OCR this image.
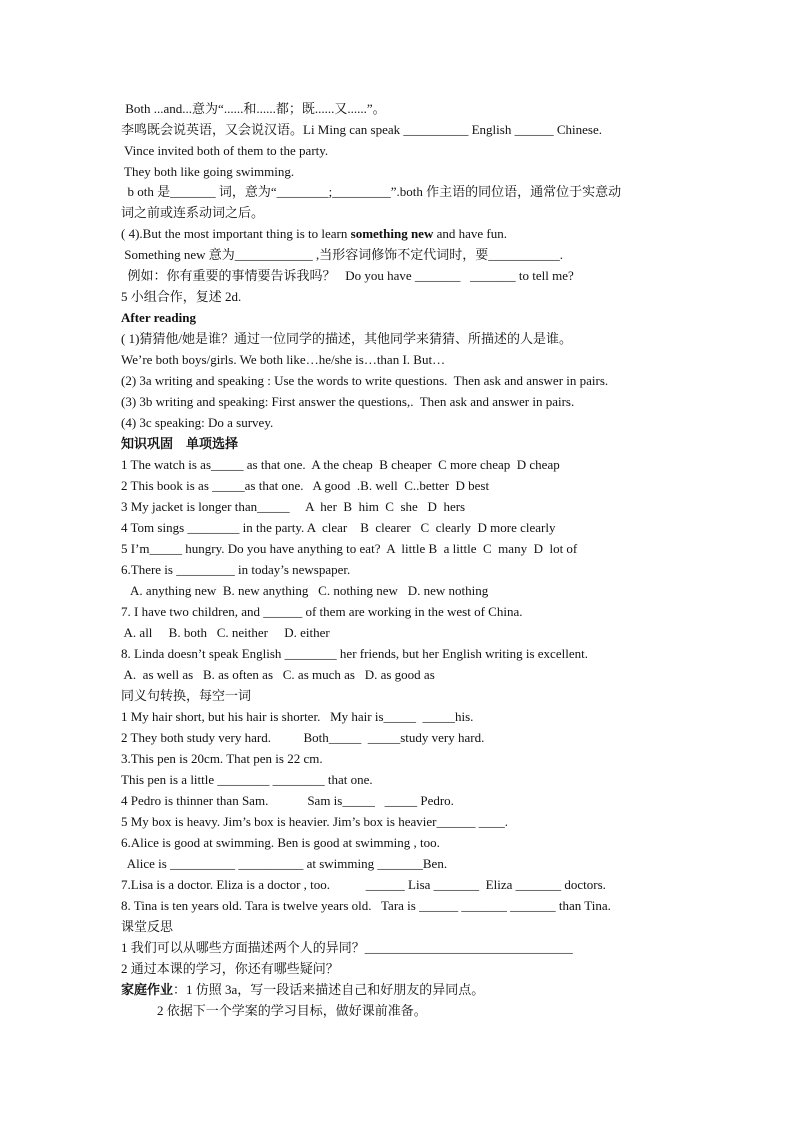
Both ...and...意为“......和......都；既......又......”。
李鸣既会说英语，又会说汉语。Li Ming can speak __________ English ______ Chinese.
Vince invited both of them to the party.
They both like going swimming.
b oth 是_______ 词，意为“________;_________”.both 作主语的同位语，通常位于实意动
词之前或连系动词之后。
( 4).But the most important thing is to learn something new and have fun.
Something new 意为____________ ,当形容词修饰不定代词时，要___________.
例如：你有重要的事情要告诉我吗？   Do you have _______   _______ to tell me?
5 小组合作，复述 2d.
After reading
( 1)猜猜他/她是谁？通过一位同学的描述，其他同学来猜猜、所描述的人是谁。
We’re both boys/girls. We both like…he/she is…than I. But…
(2) 3a writing and speaking : Use the words to write questions.  Then ask and answer in pairs.
(3) 3b writing and speaking: First answer the questions,.  Then ask and answer in pairs.
(4) 3c speaking: Do a survey.
知识巩固    单项选择
1 The watch is as_____ as that one.  A the cheap  B cheaper  C more cheap  D cheap
2 This book is as _____as that one.   A good  .B. well  C..better  D best
3 My jacket is longer than_____     A  her  B  him  C  she   D  hers
4 Tom sings ________ in the party. A  clear    B  clearer   C  clearly  D more clearly
5 I’m_____ hungry. Do you have anything to eat?  A  little B  a little  C  many  D  lot of
6.There is _________ in today’s newspaper.
A. anything new  B. new anything   C. nothing new   D. new nothing
7. I have two children, and ______ of them are working in the west of China.
A. all     B. both   C. neither     D. either
8. Linda doesn’t speak English ________ her friends, but her English writing is excellent.
A.  as well as   B. as often as   C. as much as   D. as good as
同义句转换，每空一词
1 My hair short, but his hair is shorter.   My hair is_____  _____his.
2 They both study very hard.          Both_____  _____study very hard.
3.This pen is 20cm. That pen is 22 cm.
This pen is a little ________ ________ that one.
4 Pedro is thinner than Sam.            Sam is_____   _____ Pedro.
5 My box is heavy. Jim’s box is heavier. Jim’s box is heavier______ ____.
6.Alice is good at swimming. Ben is good at swimming , too.
Alice is __________ __________ at swimming _______Ben.
7.Lisa is a doctor. Eliza is a doctor , too.           ______ Lisa _______  Eliza _______ doctors.
8. Tina is ten years old. Tara is twelve years old.   Tara is ______ _______ _______ than Tina.
课堂反思
1 我们可以从哪些方面描述两个人的异同？________________________________
2 通过本课的学习，你还有哪些疑问？
家庭作业：1 仿照 3a，写一段话来描述自己和好朋友的异同点。
2 依据下一个学案的学习目标，做好课前准备。
